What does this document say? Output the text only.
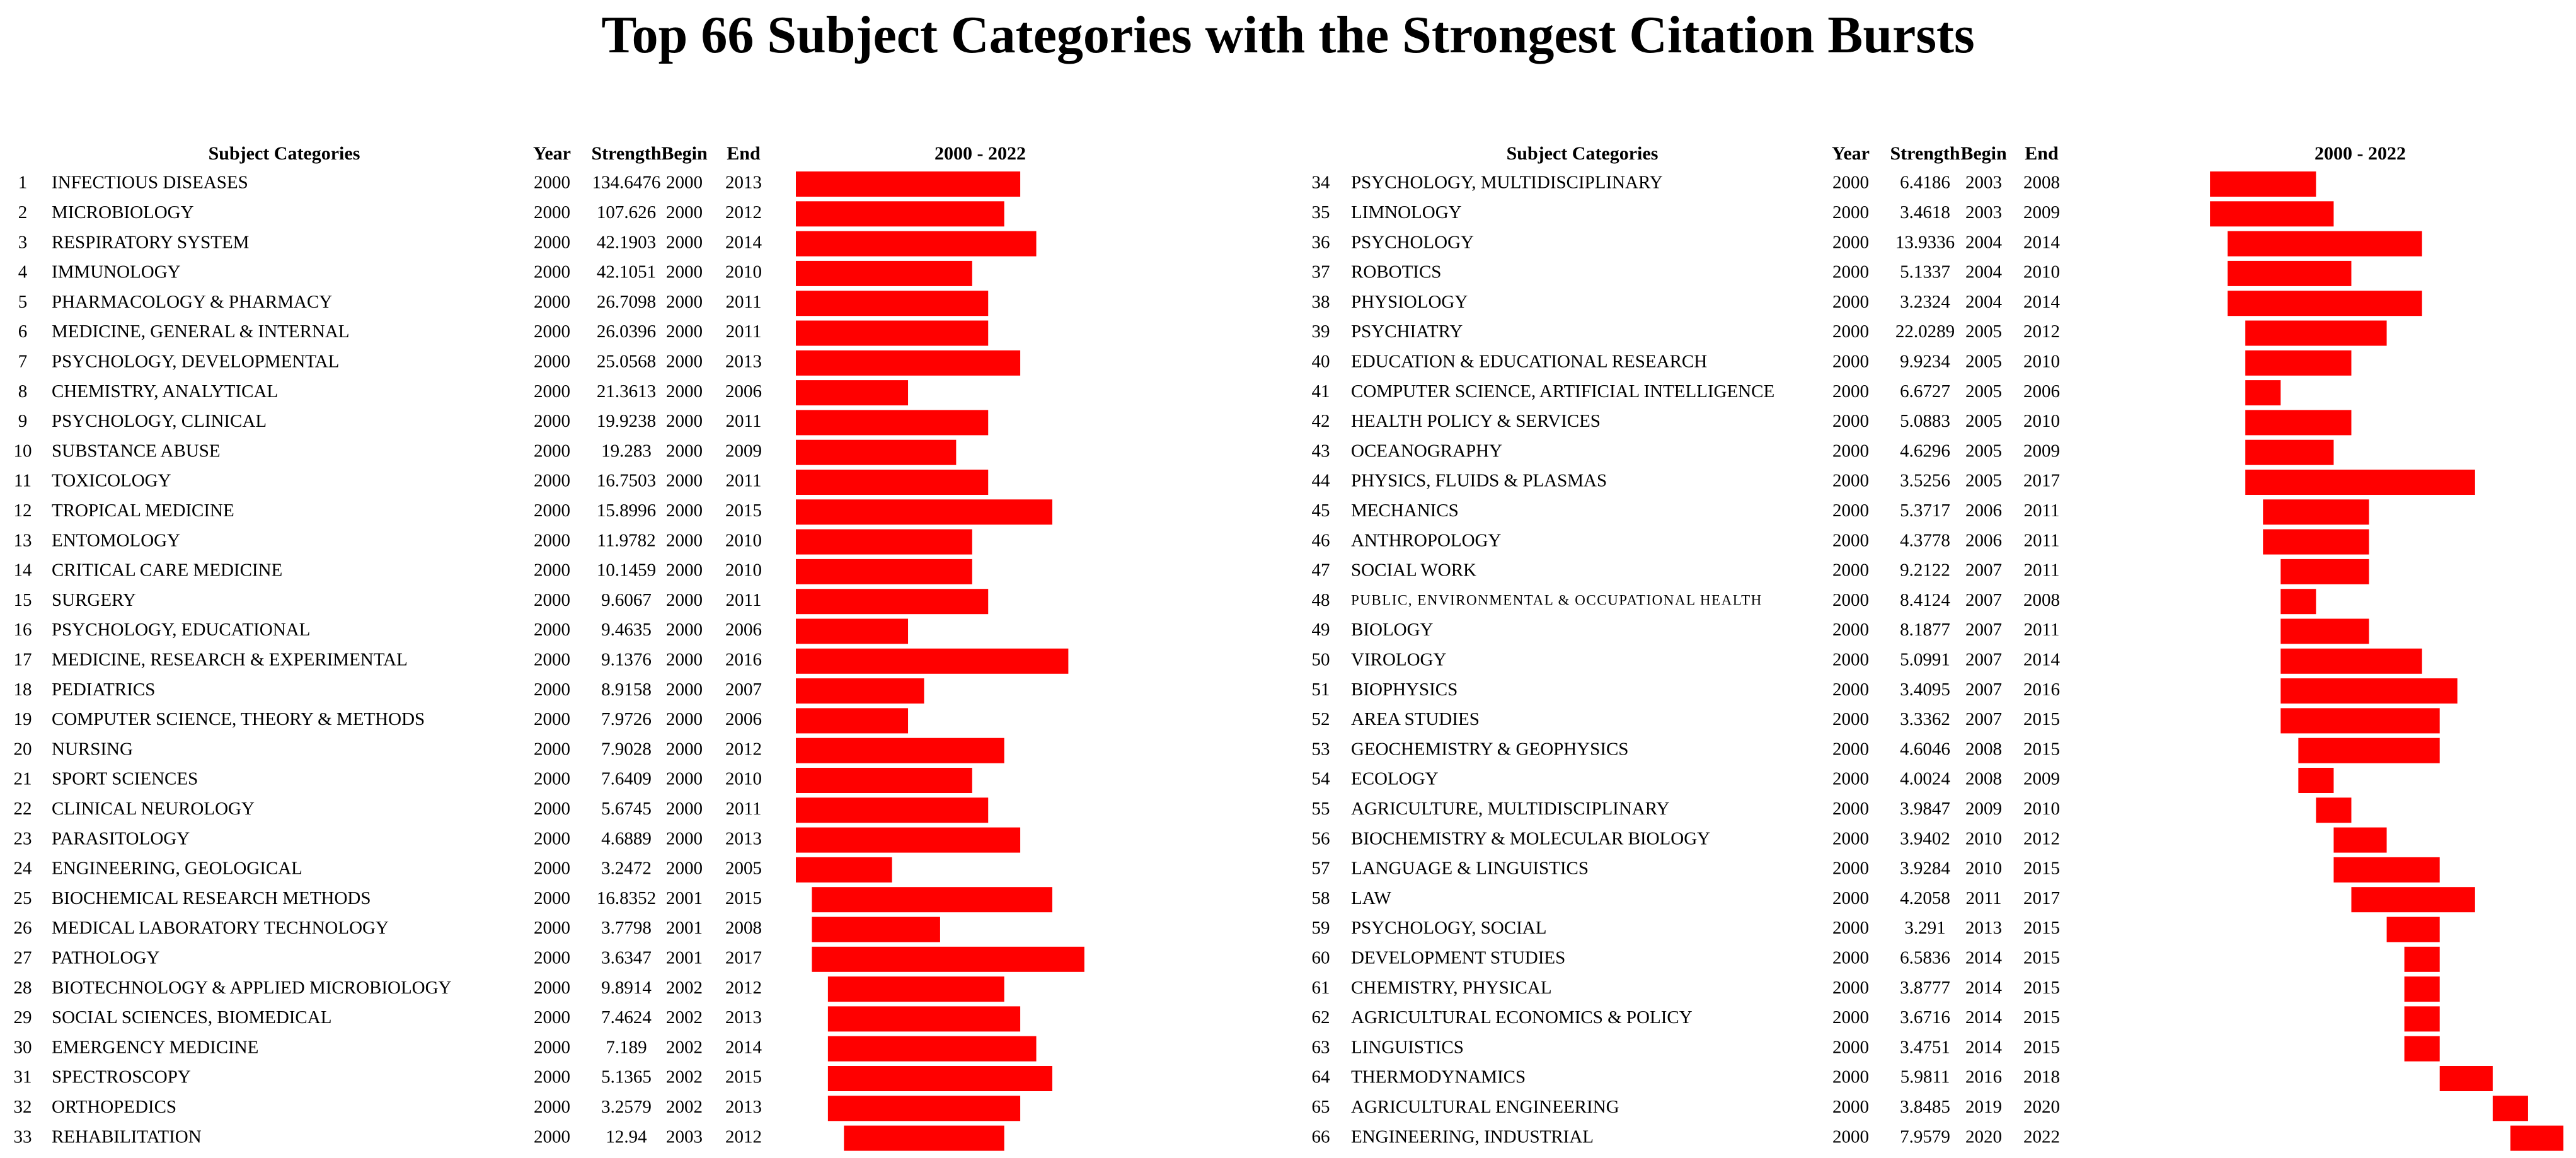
Top 66 Subject Categories with the Strongest Citation Bursts
Subject Categories	Year Strength Begin End	2000 - 2022	Subject Categories	Year Strength Begin End	2000 - 2022
1 INFECTIOUS DISEASES	2000 134.6476 2000 2013
2 MICROBIOLOGY	2000 107.626 2000 2012
3 RESPIRATORY SYSTEM	2000 42.1903 2000 2014
4 IMMUNOLOGY	2000 42.1051 2000 2010
5 PHARMACOLOGY & PHARMACY	2000 26.7098 2000 2011
6 MEDICINE, GENERAL & INTERNAL	2000 26.0396 2000 2011
7 PSYCHOLOGY, DEVELOPMENTAL	2000 25.0568 2000 2013
8 CHEMISTRY, ANALYTICAL	2000 21.3613 2000 2006
9 PSYCHOLOGY, CLINICAL	2000 19.9238 2000 2011
10 SUBSTANCE ABUSE	2000 19.283 2000 2009
11 TOXICOLOGY	2000 16.7503 2000 2011
12 TROPICAL MEDICINE	2000 15.8996 2000 2015
13 ENTOMOLOGY	2000 11.9782 2000 2010
14 CRITICAL CARE MEDICINE	2000 10.1459 2000 2010
15 SURGERY	2000 9.6067 2000 2011
16 PSYCHOLOGY, EDUCATIONAL	2000 9.4635 2000 2006
17 MEDICINE, RESEARCH & EXPERIMENTAL	2000 9.1376 2000 2016
18 PEDIATRICS	2000 8.9158 2000 2007
19 COMPUTER SCIENCE, THEORY & METHODS	2000 7.9726 2000 2006
20 NURSING	2000 7.9028 2000 2012
21 SPORT SCIENCES	2000 7.6409 2000 2010
22 CLINICAL NEUROLOGY	2000 5.6745 2000 2011
23 PARASITOLOGY	2000 4.6889 2000 2013
24 ENGINEERING, GEOLOGICAL	2000 3.2472 2000 2005
25 BIOCHEMICAL RESEARCH METHODS	2000 16.8352 2001 2015
26 MEDICAL LABORATORY TECHNOLOGY	2000 3.7798 2001 2008
27 PATHOLOGY	2000 3.6347 2001 2017
28 BIOTECHNOLOGY & APPLIED MICROBIOLOGY	2000 9.8914 2002 2012
29 SOCIAL SCIENCES, BIOMEDICAL	2000 7.4624 2002 2013
30 EMERGENCY MEDICINE	2000 7.189 2002 2014
31 SPECTROSCOPY	2000 5.1365 2002 2015
32 ORTHOPEDICS	2000 3.2579 2002 2013
33 REHABILITATION	2000 12.94 2003 2012
34 PSYCHOLOGY, MULTIDISCIPLINARY	2000 6.4186 2003 2008
35 LIMNOLOGY	2000 3.4618 2003 2009
36 PSYCHOLOGY	2000 13.9336 2004 2014
37 ROBOTICS	2000 5.1337 2004 2010
38 PHYSIOLOGY	2000 3.2324 2004 2014
39 PSYCHIATRY	2000 22.0289 2005 2012
40 EDUCATION & EDUCATIONAL RESEARCH	2000 9.9234 2005 2010
41 COMPUTER SCIENCE, ARTIFICIAL INTELLIGENCE	2000 6.6727 2005 2006
42 HEALTH POLICY & SERVICES	2000 5.0883 2005 2010
43 OCEANOGRAPHY	2000 4.6296 2005 2009
44 PHYSICS, FLUIDS & PLASMAS	2000 3.5256 2005 2017
45 MECHANICS	2000 5.3717 2006 2011
46 ANTHROPOLOGY	2000 4.3778 2006 2011
47 SOCIAL WORK	2000 9.2122 2007 2011
48 PUBLIC, ENVIRONMENTAL & OCCUPATIONAL HEALTH	2000 8.4124 2007 2008
49 BIOLOGY	2000 8.1877 2007 2011
50 VIROLOGY	2000 5.0991 2007 2014
51 BIOPHYSICS	2000 3.4095 2007 2016
52 AREA STUDIES	2000 3.3362 2007 2015
53 GEOCHEMISTRY & GEOPHYSICS	2000 4.6046 2008 2015
54 ECOLOGY	2000 4.0024 2008 2009
55 AGRICULTURE, MULTIDISCIPLINARY	2000 3.9847 2009 2010
56 BIOCHEMISTRY & MOLECULAR BIOLOGY	2000 3.9402 2010 2012
57 LANGUAGE & LINGUISTICS	2000 3.9284 2010 2015
58 LAW	2000 4.2058 2011 2017
59 PSYCHOLOGY, SOCIAL	2000 3.291 2013 2015
60 DEVELOPMENT STUDIES	2000 6.5836 2014 2015
61 CHEMISTRY, PHYSICAL	2000 3.8777 2014 2015
62 AGRICULTURAL ECONOMICS & POLICY	2000 3.6716 2014 2015
63 LINGUISTICS	2000 3.4751 2014 2015
64 THERMODYNAMICS	2000 5.9811 2016 2018
65 AGRICULTURAL ENGINEERING	2000 3.8485 2019 2020
66 ENGINEERING, INDUSTRIAL	2000 7.9579 2020 2022
